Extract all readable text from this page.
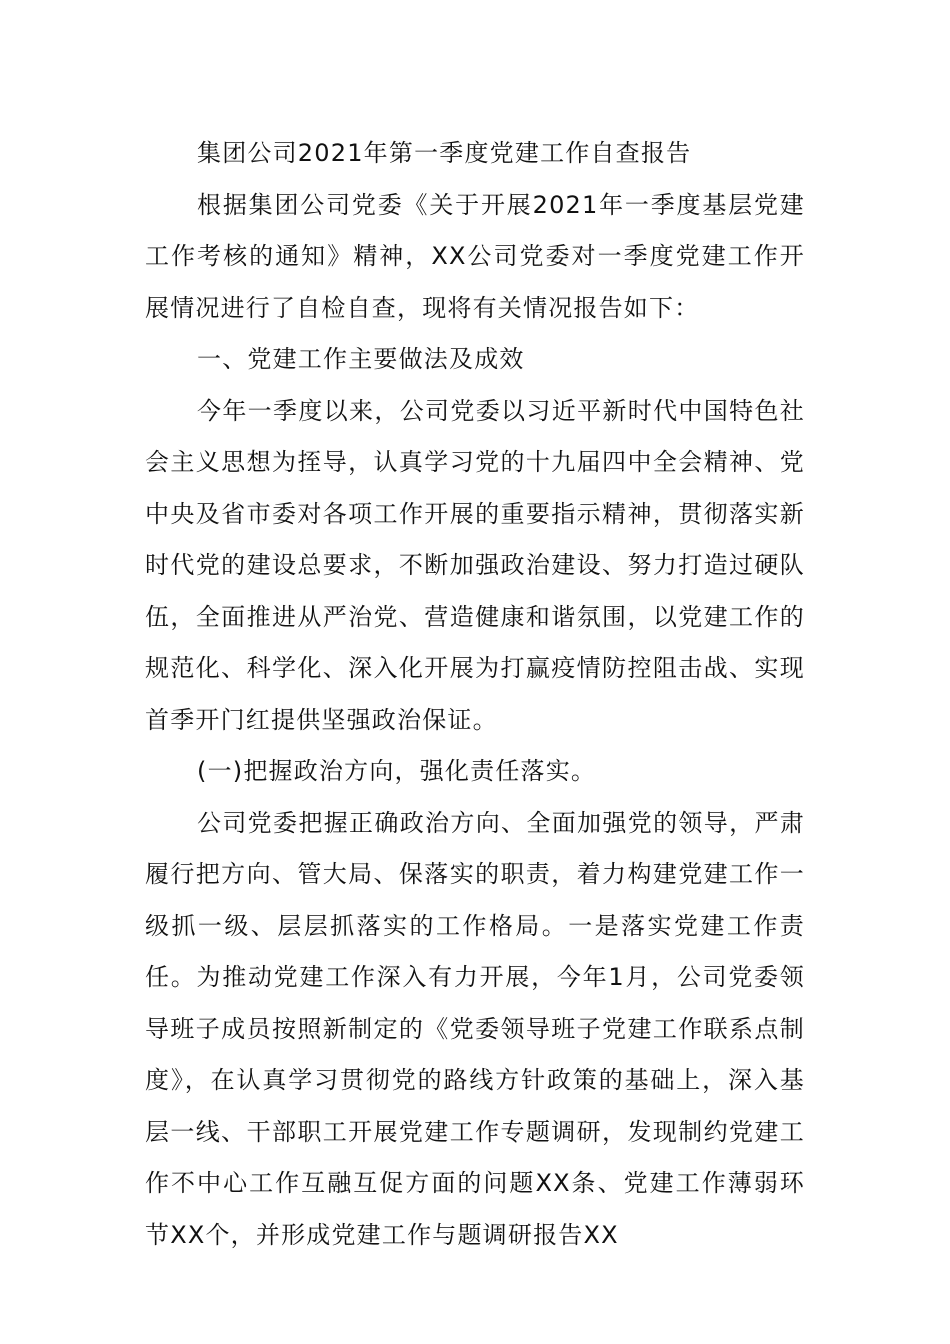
集团公司2021年第一季度党建工作自查报告

根据集团公司党委《关于开展2021年一季度基层党建工作考核的通知》精神，XX公司党委对一季度党建工作开展情况进行了自检自查，现将有关情况报告如下：

一、党建工作主要做法及成效

今年一季度以来，公司党委以习近平新时代中国特色社会主义思想为挃导，认真学习党的十九届四中全会精神、党中央及省市委对各项工作开展的重要指示精神，贯彻落实新时代党的建设总要求，不断加强政治建设、努力打造过硬队伍，全面推进从严治党、营造健康和谐氛围，以党建工作的规范化、科学化、深入化开展为打赢疫情防控阻击战、实现首季开门红提供坚强政治保证。

(一)把握政治方向，强化责任落实。

公司党委把握正确政治方向、全面加强党的领导，严肃履行把方向、管大局、保落实的职责，着力构建党建工作一级抓一级、层层抓落实的工作格局。一是落实党建工作责任。为推动党建工作深入有力开展，今年1月，公司党委领导班子成员按照新制定的《党委领导班子党建工作联系点制度》，在认真学习贯彻党的路线方针政策的基础上，深入基层一线、干部职工开展党建工作专题调研，发现制约党建工作不中心工作互融互促方面的问题XX条、党建工作薄弱环节XX个，并形成党建工作与题调研报告XX
